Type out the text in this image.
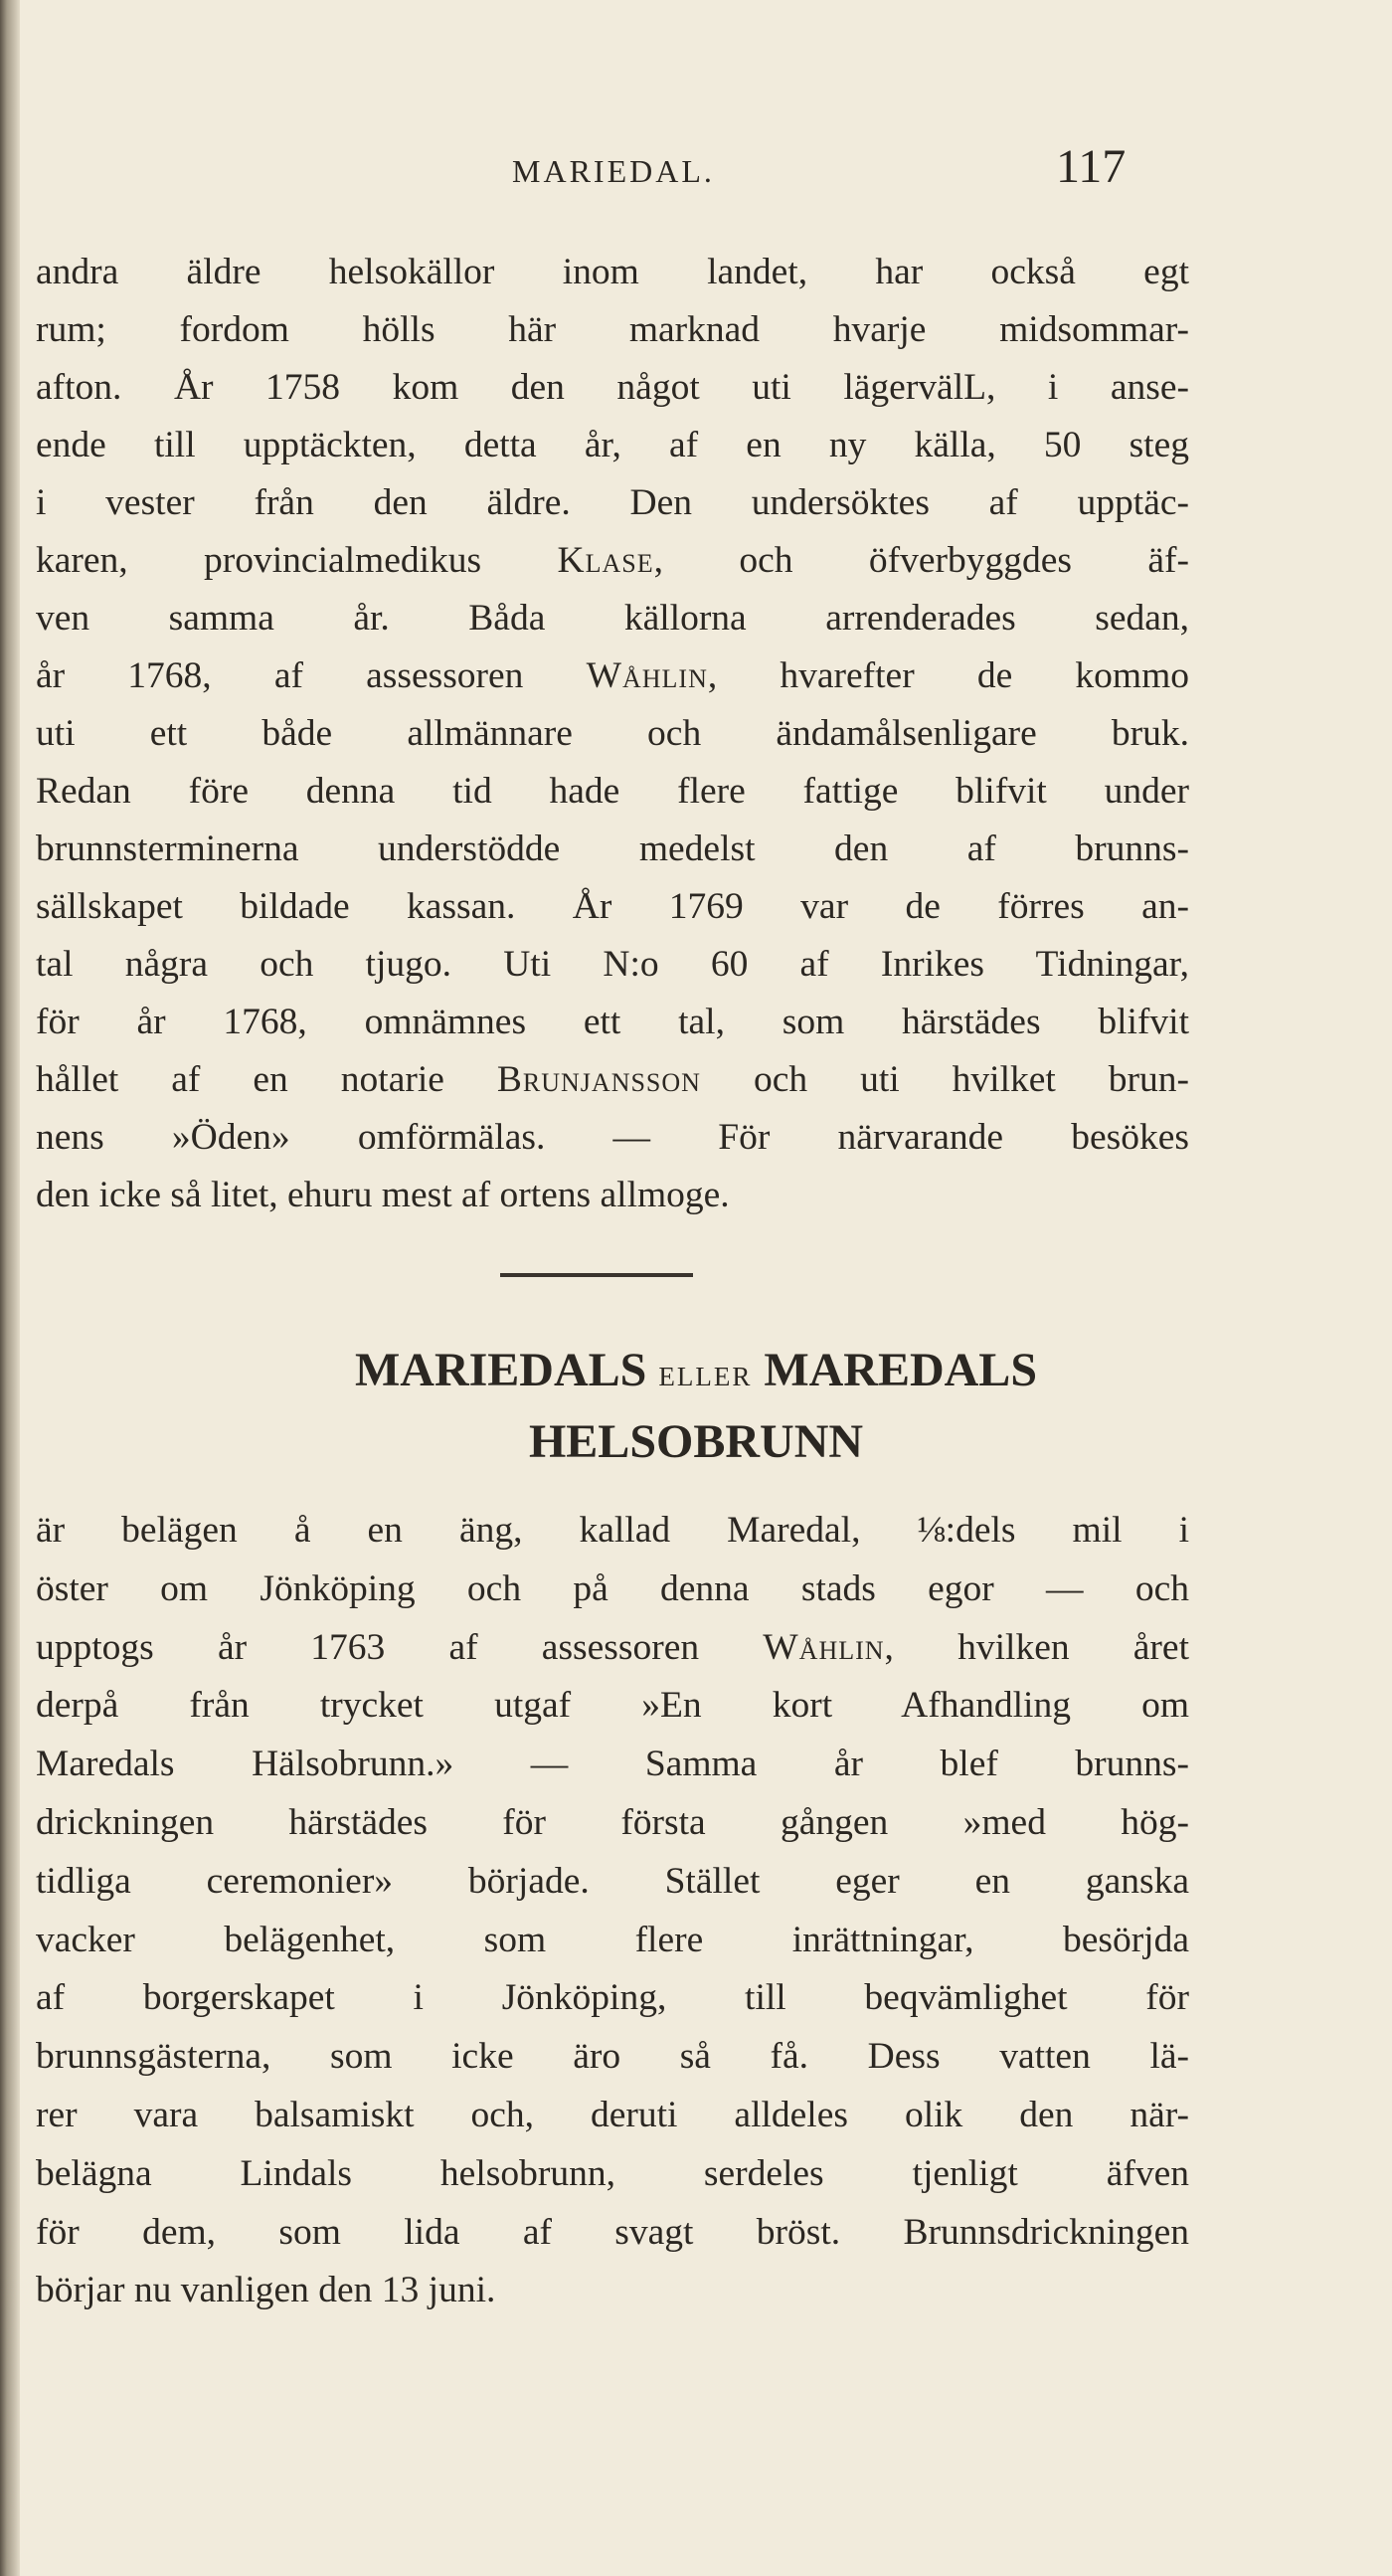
MARIEDAL.	117
andra äldre helsokällor inom landet, har också egt
rum; fordom hölls här marknad hvarje midsommar-
afton. År 1758 kom den något uti lägervälL, i anse-
ende till upptäckten, detta år, af en ny källa, 50 steg
i vester från den äldre. Den undersöktes af upptäc-
karen, provincialmedikus Klase, och öfverbyggdes äf-
ven samma år. Båda källorna arrenderades sedan,
år 1768, af assessoren Wåhlin, hvarefter de kommo
uti ett både allmännare och ändamålsenligare bruk.
Redan före denna tid hade flere fattige blifvit under
brunnsterminerna understödde medelst den af brunns-
sällskapet bildade kassan. År 1769 var de förres an-
tal några och tjugo. Uti N:o 60 af Inrikes Tidningar,
för år 1768, omnämnes ett tal, som härstädes blifvit
hållet af en notarie Brunjansson och uti hvilket brun-
nens »Öden» omförmälas. — För närvarande besökes
den icke så litet, ehuru mest af ortens allmoge.
MARIEDALS ELLER MAREDALS
HELSOBRUNN
är belägen å en äng, kallad Maredal, ⅛:dels mil i
öster om Jönköping och på denna stads egor — och
upptogs år 1763 af assessoren Wåhlin, hvilken året
derpå från trycket utgaf »En kort Afhandling om
Maredals Hälsobrunn.» — Samma år blef brunns-
drickningen härstädes för första gången »med hög-
tidliga ceremonier» började. Stället eger en ganska
vacker belägenhet, som flere inrättningar, besörjda
af borgerskapet i Jönköping, till beqvämlighet för
brunnsgästerna, som icke äro så få. Dess vatten lä-
rer vara balsamiskt och, deruti alldeles olik den när-
belägna Lindals helsobrunn, serdeles tjenligt äfven
för dem, som lida af svagt bröst. Brunnsdrickningen
börjar nu vanligen den 13 juni.
